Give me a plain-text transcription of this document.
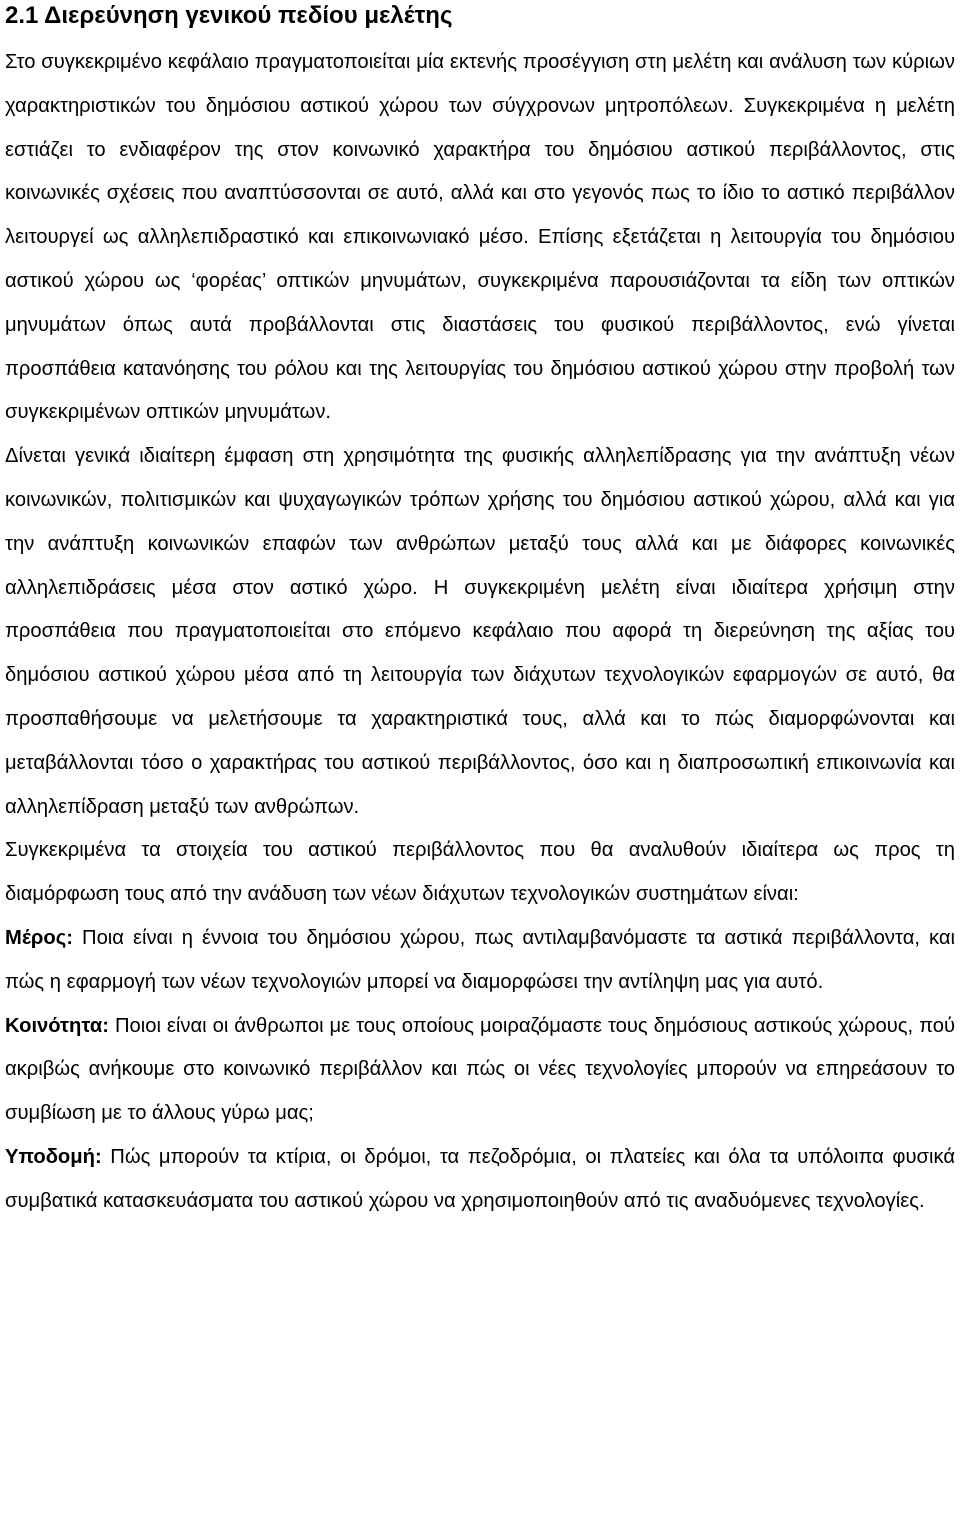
2.1 Διερεύνηση γενικού πεδίου μελέτης

Στο συγκεκριμένο κεφάλαιο πραγματοποιείται μία εκτενής προσέγγιση στη μελέτη και ανάλυση των κύριων χαρακτηριστικών του δημόσιου αστικού χώρου των σύγχρονων μητροπόλεων. Συγκεκριμένα η μελέτη εστιάζει το ενδιαφέρον της στον κοινωνικό χαρακτήρα του δημόσιου αστικού περιβάλλοντος, στις κοινωνικές σχέσεις που αναπτύσσονται σε αυτό, αλλά και στο γεγονός πως το ίδιο το αστικό περιβάλλον λειτουργεί ως αλληλεπιδραστικό και επικοινωνιακό μέσο. Επίσης εξετάζεται η λειτουργία του δημόσιου αστικού χώρου ως ‘φορέας’ οπτικών μηνυμάτων, συγκεκριμένα παρουσιάζονται τα είδη των οπτικών μηνυμάτων όπως αυτά προβάλλονται στις διαστάσεις του φυσικού περιβάλλοντος, ενώ γίνεται προσπάθεια κατανόησης του ρόλου και της λειτουργίας του δημόσιου αστικού χώρου στην προβολή των συγκεκριμένων οπτικών μηνυμάτων.

Δίνεται γενικά ιδιαίτερη έμφαση στη χρησιμότητα της φυσικής αλληλεπίδρασης για την ανάπτυξη νέων κοινωνικών, πολιτισμικών και ψυχαγωγικών τρόπων χρήσης του δημόσιου αστικού χώρου, αλλά και για την ανάπτυξη κοινωνικών επαφών των ανθρώπων μεταξύ τους αλλά και με διάφορες κοινωνικές αλληλεπιδράσεις μέσα στον αστικό χώρο. Η συγκεκριμένη μελέτη είναι ιδιαίτερα χρήσιμη στην προσπάθεια που πραγματοποιείται στο επόμενο κεφάλαιο που αφορά τη διερεύνηση της αξίας του δημόσιου αστικού χώρου μέσα από τη λειτουργία των διάχυτων τεχνολογικών εφαρμογών σε αυτό, θα προσπαθήσουμε να μελετήσουμε τα χαρακτηριστικά τους, αλλά και το πώς διαμορφώνονται και μεταβάλλονται τόσο ο χαρακτήρας του αστικού περιβάλλοντος, όσο και η διαπροσωπική επικοινωνία και αλληλεπίδραση μεταξύ των ανθρώπων.

Συγκεκριμένα τα στοιχεία του αστικού περιβάλλοντος που θα αναλυθούν ιδιαίτερα ως προς τη διαμόρφωση τους από την ανάδυση των νέων διάχυτων τεχνολογικών συστημάτων είναι:

Μέρος: Ποια είναι η έννοια του δημόσιου χώρου, πως αντιλαμβανόμαστε τα αστικά περιβάλλοντα, και πώς η εφαρμογή των νέων τεχνολογιών μπορεί να διαμορφώσει την αντίληψη μας για αυτό.

Κοινότητα: Ποιοι είναι οι άνθρωποι με τους οποίους μοιραζόμαστε τους δημόσιους αστικούς χώρους, πού ακριβώς ανήκουμε στο κοινωνικό περιβάλλον και πώς οι νέες τεχνολογίες μπορούν να επηρεάσουν το συμβίωση με το άλλους γύρω μας;

Υποδομή: Πώς μπορούν τα κτίρια, οι δρόμοι, τα πεζοδρόμια, οι πλατείες και όλα τα υπόλοιπα φυσικά συμβατικά κατασκευάσματα του αστικού χώρου να χρησιμοποιηθούν από τις αναδυόμενες τεχνολογίες.
